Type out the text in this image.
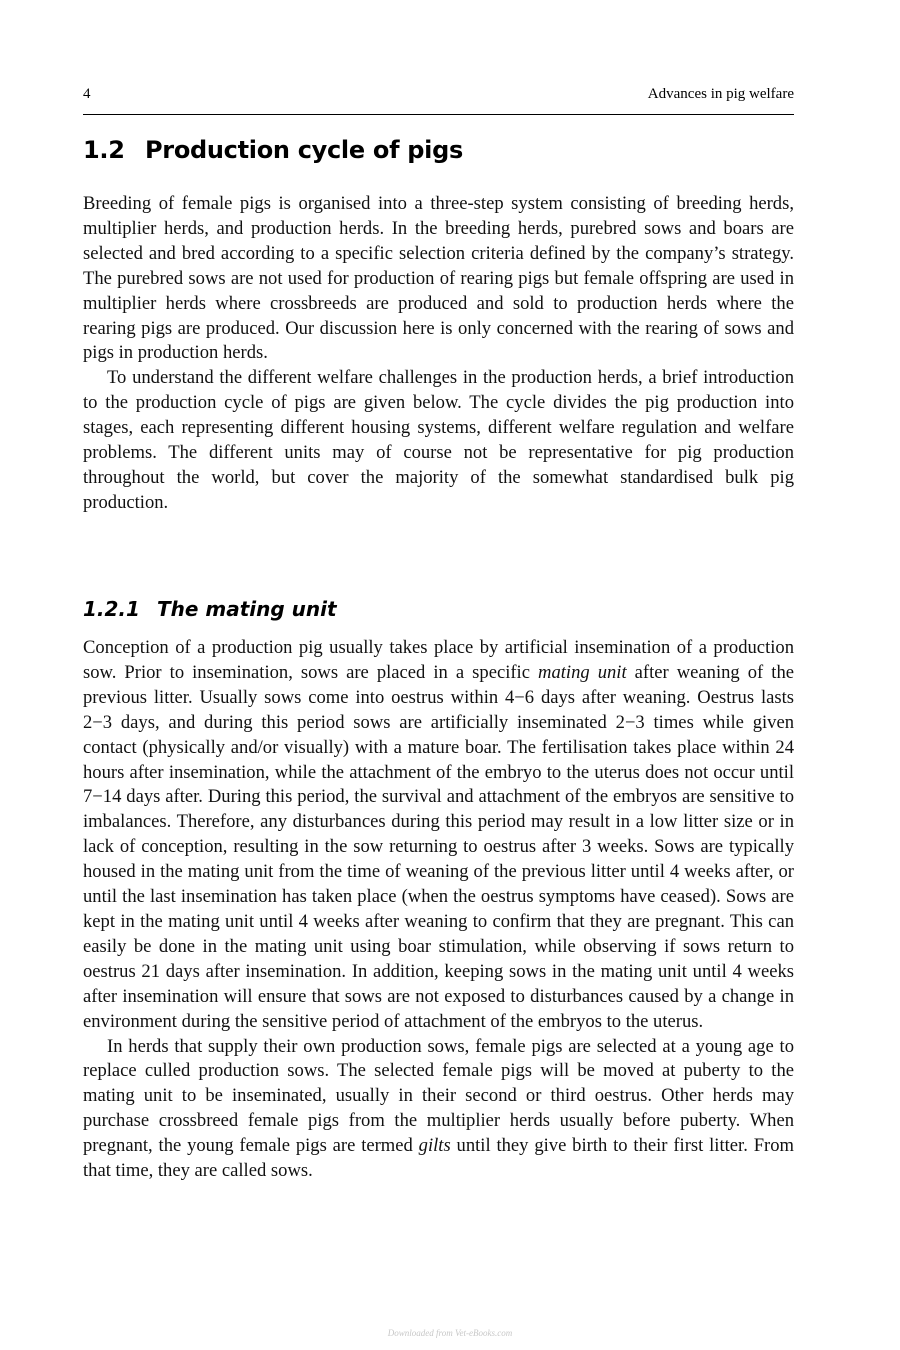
4	Advances in pig welfare
1.2 Production cycle of pigs

Breeding of female pigs is organised into a three-step system consisting of breeding herds, multiplier herds, and production herds. In the breeding herds, purebred sows and boars are selected and bred according to a specific selection criteria defined by the company’s strategy. The purebred sows are not used for production of rearing pigs but female offspring are used in multiplier herds where crossbreeds are produced and sold to production herds where the rearing pigs are produced. Our discussion here is only concerned with the rearing of sows and pigs in production herds.

To understand the different welfare challenges in the production herds, a brief introduction to the production cycle of pigs are given below. The cycle divides the pig production into stages, each representing different housing systems, different welfare regulation and welfare problems. The different units may of course not be representative for pig production throughout the world, but cover the majority of the somewhat standardised bulk pig production.

1.2.1 The mating unit

Conception of a production pig usually takes place by artificial insemination of a production sow. Prior to insemination, sows are placed in a specific mating unit after weaning of the previous litter. Usually sows come into oestrus within 4−6 days after weaning. Oestrus lasts 2−3 days, and during this period sows are artificially inseminated 2−3 times while given contact (physically and/or visually) with a mature boar. The fertilisation takes place within 24 hours after insemination, while the attachment of the embryo to the uterus does not occur until 7−14 days after. During this period, the survival and attachment of the embryos are sensitive to imbalances. Therefore, any disturbances during this period may result in a low litter size or in lack of conception, resulting in the sow returning to oestrus after 3 weeks. Sows are typically housed in the mating unit from the time of weaning of the previous litter until 4 weeks after, or until the last insemination has taken place (when the oestrus symptoms have ceased). Sows are kept in the mating unit until 4 weeks after weaning to confirm that they are pregnant. This can easily be done in the mating unit using boar stimulation, while observing if sows return to oestrus 21 days after insemination. In addition, keeping sows in the mating unit until 4 weeks after insemination will ensure that sows are not exposed to disturbances caused by a change in environment during the sensitive period of attachment of the embryos to the uterus.

In herds that supply their own production sows, female pigs are selected at a young age to replace culled production sows. The selected female pigs will be moved at puberty to the mating unit to be inseminated, usually in their second or third oestrus. Other herds may purchase crossbreed female pigs from the multiplier herds usually before puberty. When pregnant, the young female pigs are termed gilts until they give birth to their first litter. From that time, they are called sows.

Downloaded from Vet-eBooks.com
